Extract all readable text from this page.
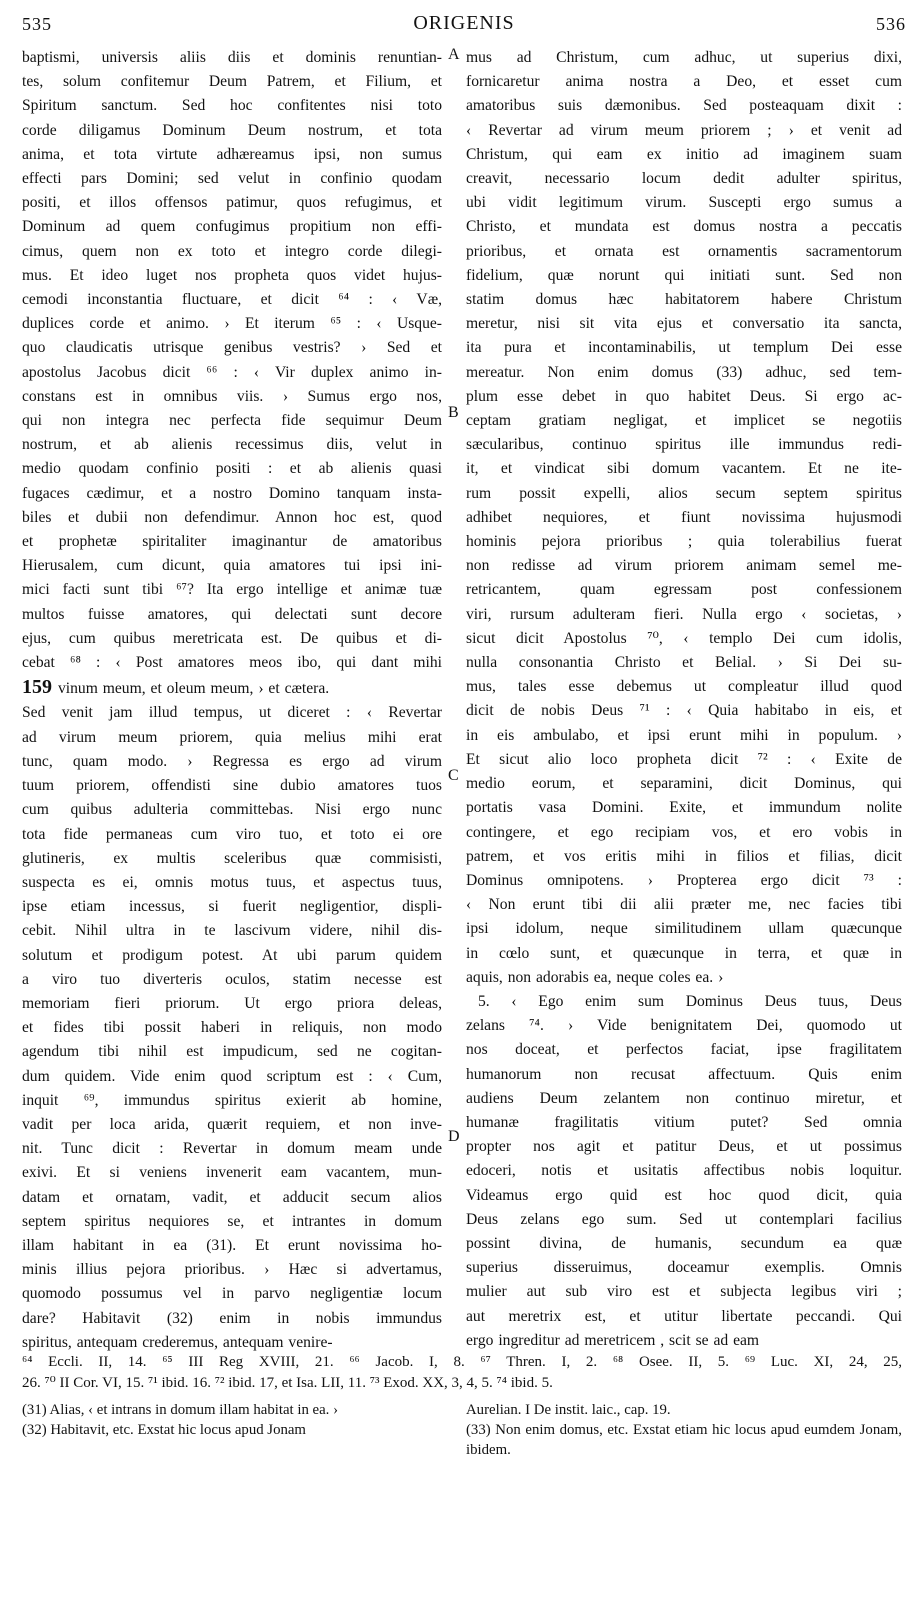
535	ORIGENIS	536

baptismi, universis aliis diis et dominis renuntian-

tes, solum confitemur Deum Patrem, et Filium, et

Spiritum sanctum. Sed hoc confitentes nisi toto

corde diligamus Dominum Deum nostrum, et tota

anima, et tota virtute adhæreamus ipsi, non sumus

effecti pars Domini; sed velut in confinio quodam

positi, et illos offensos patimur, quos refugimus, et

Dominum ad quem confugimus propitium non effi-

cimus, quem non ex toto et integro corde dilegi-

mus. Et ideo luget nos propheta quos videt hujus-

cemodi inconstantia fluctuare, et dicit ⁶⁴ : ‹ Væ,

duplices corde et animo. › Et iterum ⁶⁵ : ‹ Usque-

quo claudicatis utrisque genibus vestris? › Sed et

apostolus Jacobus dicit ⁶⁶ : ‹ Vir duplex animo in-

constans est in omnibus viis. › Sumus ergo nos,

qui non integra nec perfecta fide sequimur Deum

nostrum, et ab alienis recessimus diis, velut in

medio quodam confinio positi : et ab alienis quasi

fugaces cædimur, et a nostro Domino tanquam insta-

biles et dubii non defendimur. Annon hoc est, quod

et prophetæ spiritaliter imaginantur de amatoribus

Hierusalem, cum dicunt, quia amatores tui ipsi ini-

mici facti sunt tibi ⁶⁷? Ita ergo intellige et animæ tuæ

multos fuisse amatores, qui delectati sunt decore

ejus, cum quibus meretricata est. De quibus et di-

cebat ⁶⁸ : ‹ Post amatores meos ibo, qui dant mihi

159 vinum meum, et oleum meum, › et cætera.

Sed venit jam illud tempus, ut diceret : ‹ Revertar

ad virum meum priorem, quia melius mihi erat

tunc, quam modo. › Regressa es ergo ad virum

tuum priorem, offendisti sine dubio amatores tuos

cum quibus adulteria committebas. Nisi ergo nunc

tota fide permaneas cum viro tuo, et toto ei ore

glutineris, ex multis sceleribus quæ commisisti,

suspecta es ei, omnis motus tuus, et aspectus tuus,

ipse etiam incessus, si fuerit negligentior, displi-

cebit. Nihil ultra in te lascivum videre, nihil dis-

solutum et prodigum potest. At ubi parum quidem

a viro tuo diverteris oculos, statim necesse est

memoriam fieri priorum. Ut ergo priora deleas,

et fides tibi possit haberi in reliquis, non modo

agendum tibi nihil est impudicum, sed ne cogitan-

dum quidem. Vide enim quod scriptum est : ‹ Cum,

inquit ⁶⁹, immundus spiritus exierit ab homine,

vadit per loca arida, quærit requiem, et non inve-

nit. Tunc dicit : Revertar in domum meam unde

exivi. Et si veniens invenerit eam vacantem, mun-

datam et ornatam, vadit, et adducit secum alios

septem spiritus nequiores se, et intrantes in domum

illam habitant in ea (31). Et erunt novissima ho-

minis illius pejora prioribus. › Hæc si advertamus,

quomodo possumus vel in parvo negligentiæ locum

dare? Habitavit (32) enim in nobis immundus

spiritus, antequam crederemus, antequam venire-

mus ad Christum, cum adhuc, ut superius dixi,

fornicaretur anima nostra a Deo, et esset cum

amatoribus suis dæmonibus. Sed posteaquam dixit :

‹ Revertar ad virum meum priorem ; › et venit ad

Christum, qui eam ex initio ad imaginem suam

creavit, necessario locum dedit adulter spiritus,

ubi vidit legitimum virum. Suscepti ergo sumus a

Christo, et mundata est domus nostra a peccatis

prioribus, et ornata est ornamentis sacramentorum

fidelium, quæ norunt qui initiati sunt. Sed non

statim domus hæc habitatorem habere Christum

meretur, nisi sit vita ejus et conversatio ita sancta,

ita pura et incontaminabilis, ut templum Dei esse

mereatur. Non enim domus (33) adhuc, sed tem-

plum esse debet in quo habitet Deus. Si ergo ac-

ceptam gratiam negligat, et implicet se negotiis

sæcularibus, continuo spiritus ille immundus redi-

it, et vindicat sibi domum vacantem. Et ne ite-

rum possit expelli, alios secum septem spiritus

adhibet nequiores, et fiunt novissima hujusmodi

hominis pejora prioribus ; quia tolerabilius fuerat

non redisse ad virum priorem animam semel me-

retricantem, quam egressam post confessionem

viri, rursum adulteram fieri. Nulla ergo ‹ societas, ›

sicut dicit Apostolus ⁷⁰, ‹ templo Dei cum idolis,

nulla consonantia Christo et Belial. › Si Dei su-

mus, tales esse debemus ut compleatur illud quod

dicit de nobis Deus ⁷¹ : ‹ Quia habitabo in eis, et

in eis ambulabo, et ipsi erunt mihi in populum. ›

Et sicut alio loco propheta dicit ⁷² : ‹ Exite de

medio eorum, et separamini, dicit Dominus, qui

portatis vasa Domini. Exite, et immundum nolite

contingere, et ego recipiam vos, et ero vobis in

patrem, et vos eritis mihi in filios et filias, dicit

Dominus omnipotens. › Propterea ergo dicit ⁷³ :

‹ Non erunt tibi dii alii præter me, nec facies tibi

ipsi idolum, neque similitudinem ullam quæcunque

in cœlo sunt, et quæcunque in terra, et quæ in

aquis, non adorabis ea, neque coles ea. ›

5. ‹ Ego enim sum Dominus Deus tuus, Deus

zelans ⁷⁴. › Vide benignitatem Dei, quomodo ut

nos doceat, et perfectos faciat, ipse fragilitatem

humanorum non recusat affectuum. Quis enim

audiens Deum zelantem non continuo miretur, et

humanæ fragilitatis vitium putet? Sed omnia

propter nos agit et patitur Deus, et ut possimus

edoceri, notis et usitatis affectibus nobis loquitur.

Videamus ergo quid est hoc quod dicit, quia

Deus zelans ego sum. Sed ut contemplari facilius

possint divina, de humanis, secundum ea quæ

superius disseruimus, doceamur exemplis. Omnis

mulier aut sub viro est et subjecta legibus viri ;

aut meretrix est, et utitur libertate peccandi. Qui

ergo ingreditur ad meretricem , scit se ad eam

A
B
C
D

⁶⁴ Eccli. II, 14. ⁶⁵ III Reg XVIII, 21. ⁶⁶ Jacob. I, 8. ⁶⁷ Thren. I, 2. ⁶⁸ Osee. II, 5. ⁶⁹ Luc. XI, 24, 25,

26. ⁷⁰ II Cor. VI, 15. ⁷¹ ibid. 16. ⁷² ibid. 17, et Isa. LII, 11. ⁷³ Exod. XX, 3, 4, 5. ⁷⁴ ibid. 5.

(31) Alias, ‹ et intrans in domum illam habitat in ea. ›

(32) Habitavit, etc. Exstat hic locus apud Jonam

Aurelian. I De instit. laic., cap. 19.

(33) Non enim domus, etc. Exstat etiam hic locus apud eumdem Jonam, ibidem.
